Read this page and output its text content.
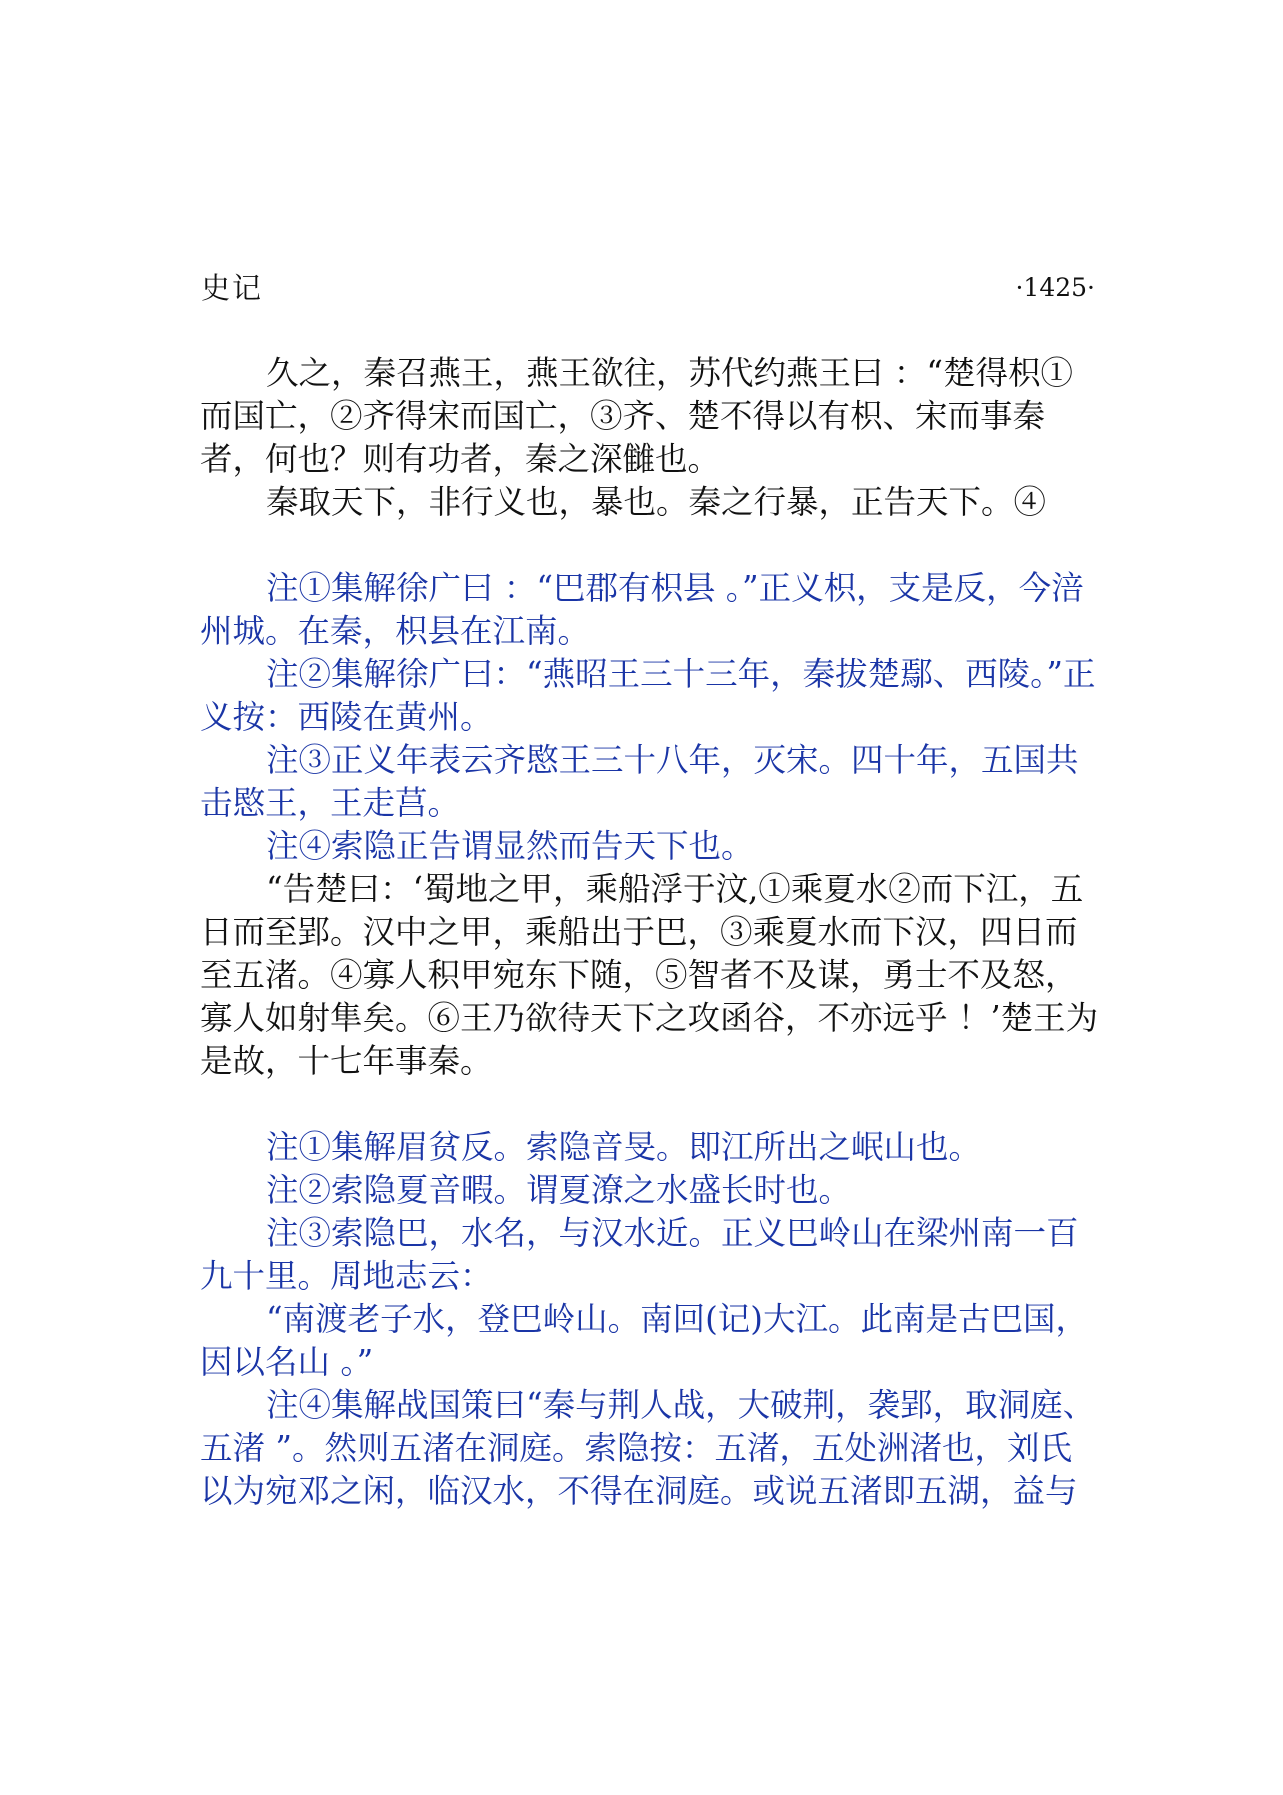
史记	·1425·

久之，秦召燕王，燕王欲往，苏代约燕王曰 ：“楚得枳①而国亡，②齐得宋而国亡，③齐、楚不得以有枳、宋而事秦者，何也？则有功者，秦之深雠也。

秦取天下，非行义也，暴也。秦之行暴，正告天下。④

注①集解徐广曰 ：“巴郡有枳县 。”正义枳，支是反，今涪州城。在秦，枳县在江南。

注②集解徐广曰：“燕昭王三十三年，秦拔楚鄢、西陵。”正义按：西陵在黄州。

注③正义年表云齐愍王三十八年，灭宋。四十年，五国共击愍王，王走莒。

注④索隐正告谓显然而告天下也。

“告楚曰：‘蜀地之甲，乘船浮于汶,①乘夏水②而下江，五日而至郢。汉中之甲，乘船出于巴，③乘夏水而下汉，四日而至五渚。④寡人积甲宛东下随，⑤智者不及谋，勇士不及怒，寡人如射隼矣。⑥王乃欲待天下之攻函谷，不亦远乎 ！’楚王为是故，十七年事秦。

注①集解眉贫反。索隐音旻。即江所出之岷山也。

注②索隐夏音暇。谓夏潦之水盛长时也。

注③索隐巴，水名，与汉水近。正义巴岭山在梁州南一百九十里。周地志云：

“南渡老子水，登巴岭山。南回(记)大江。此南是古巴国，因以名山 。”

注④集解战国策曰“秦与荆人战，大破荆，袭郢，取洞庭、五渚 ”。然则五渚在洞庭。索隐按：五渚，五处洲渚也，刘氏以为宛邓之闲，临汉水，不得在洞庭。或说五渚即五湖，益与
